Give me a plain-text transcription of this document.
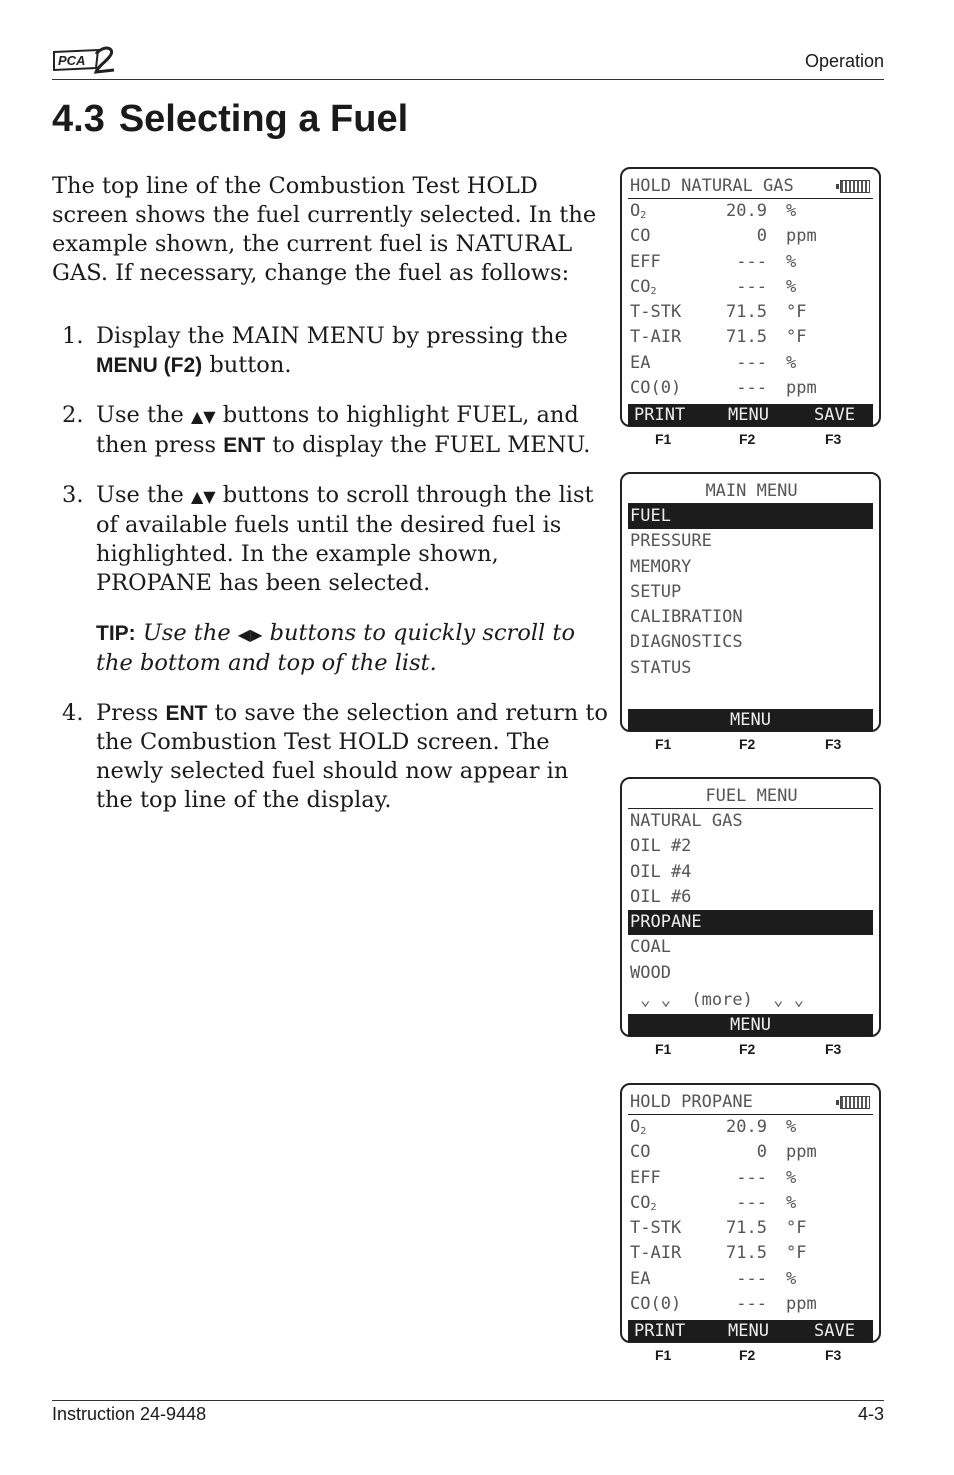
PCA	Operation
4.3 Selecting a Fuel

The top line of the Combustion Test HOLD screen shows the fuel currently selected. In the example shown, the current fuel is NATURAL GAS. If necessary, change the fuel as follows:

1. Display the MAIN MENU by pressing the MENU (F2) button.
2. Use the ▲▼ buttons to highlight FUEL, and then press ENT to display the FUEL MENU.
3. Use the ▲▼ buttons to scroll through the list of available fuels until the desired fuel is highlighted. In the example shown, PROPANE has been selected.
TIP: Use the ◀▶ buttons to quickly scroll to the bottom and top of the list.
4. Press ENT to save the selection and return to the Combustion Test HOLD screen. The newly selected fuel should now appear in the top line of the display.
HOLD NATURAL GAS
$O_2$	20.9 %
CO	0 ppm
EFF	--- %
$CO_2$	--- %
T-STK	71.5 °F
T-AIR	71.5 °F
EA	--- %
CO(0)	--- ppm

PRINT

	MENU

	SAVE

F1	F2	F3
MAIN MENU
FUEL
PRESSURE
MEMORY
SETUP
CALIBRATION
DIAGNOSTICS
STATUS

MENU

F1	F2	F3
FUEL MENU
NATURAL GAS
OIL #2
OIL #4
OIL #6
PROPANE
COAL
WOOD
⌄ ⌄  (more)  ⌄ ⌄

MENU

F1	F2	F3
HOLD PROPANE
$O_2$	20.9 %
CO	0 ppm
EFF	--- %
$CO_2$	--- %
T-STK	71.5 °F
T-AIR	71.5 °F
EA	--- %
CO(0)	--- ppm

PRINT

	MENU

	SAVE

F1	F2	F3
Instruction 24-9448	4-3
